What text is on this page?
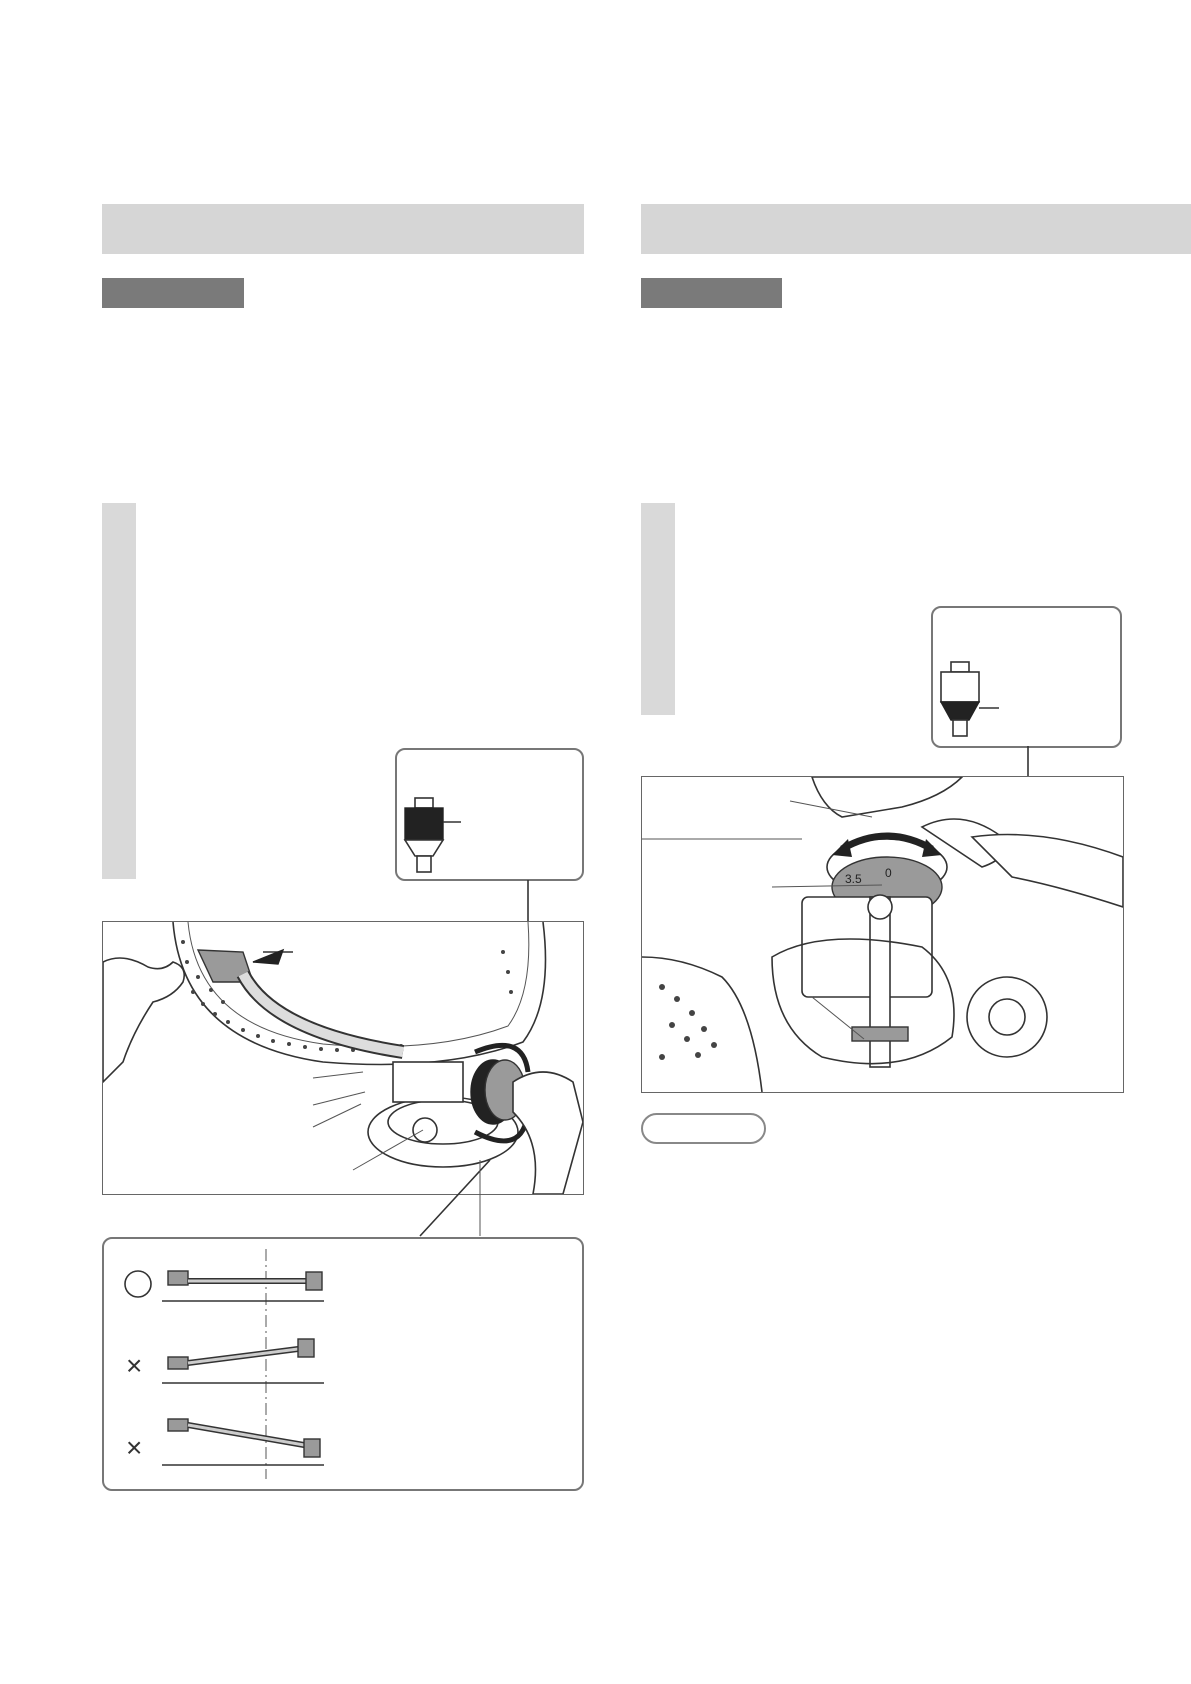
×
×
3.5 0
